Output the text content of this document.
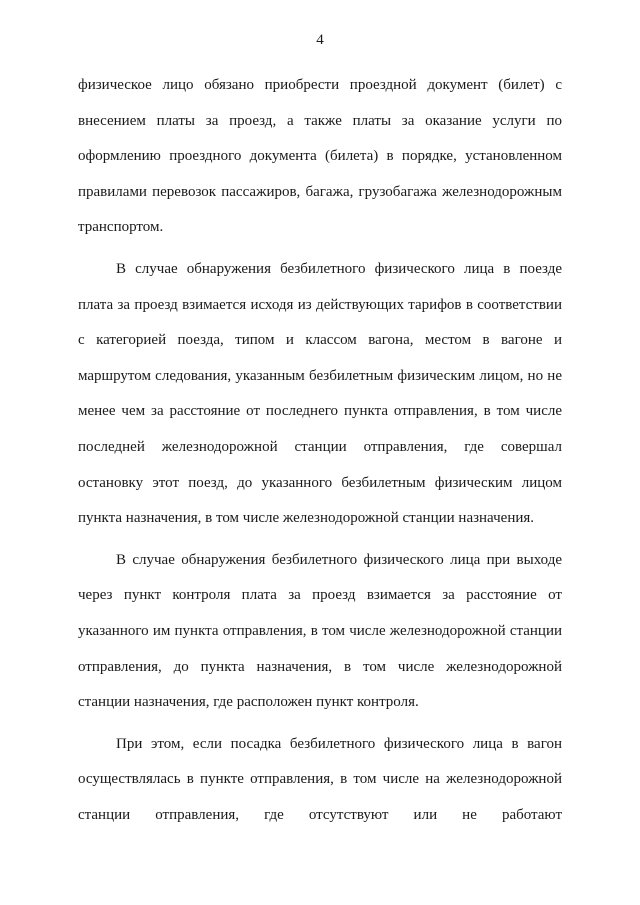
4
физическое лицо обязано приобрести проездной документ (билет) с
внесением платы за проезд, а также платы за оказание услуги по
оформлению проездного документа (билета) в порядке, установленном
правилами перевозок пассажиров, багажа, грузобагажа железнодорожным
транспортом.
В случае обнаружения безбилетного физического лица в поезде
плата за проезд взимается исходя из действующих тарифов в соответствии
с категорией поезда, типом и классом вагона, местом в вагоне и
маршрутом следования, указанным безбилетным физическим лицом, но не
менее чем за расстояние от последнего пункта отправления, в том числе
последней железнодорожной станции отправления, где совершал
остановку этот поезд, до указанного безбилетным физическим лицом
пункта назначения, в том числе железнодорожной станции назначения.
В случае обнаружения безбилетного физического лица при выходе
через пункт контроля плата за проезд взимается за расстояние от
указанного им пункта отправления, в том числе железнодорожной станции
отправления, до пункта назначения, в том числе железнодорожной
станции назначения, где расположен пункт контроля.
При этом, если посадка безбилетного физического лица в вагон
осуществлялась в пункте отправления, в том числе на железнодорожной
станции отправления, где отсутствуют или не работают
